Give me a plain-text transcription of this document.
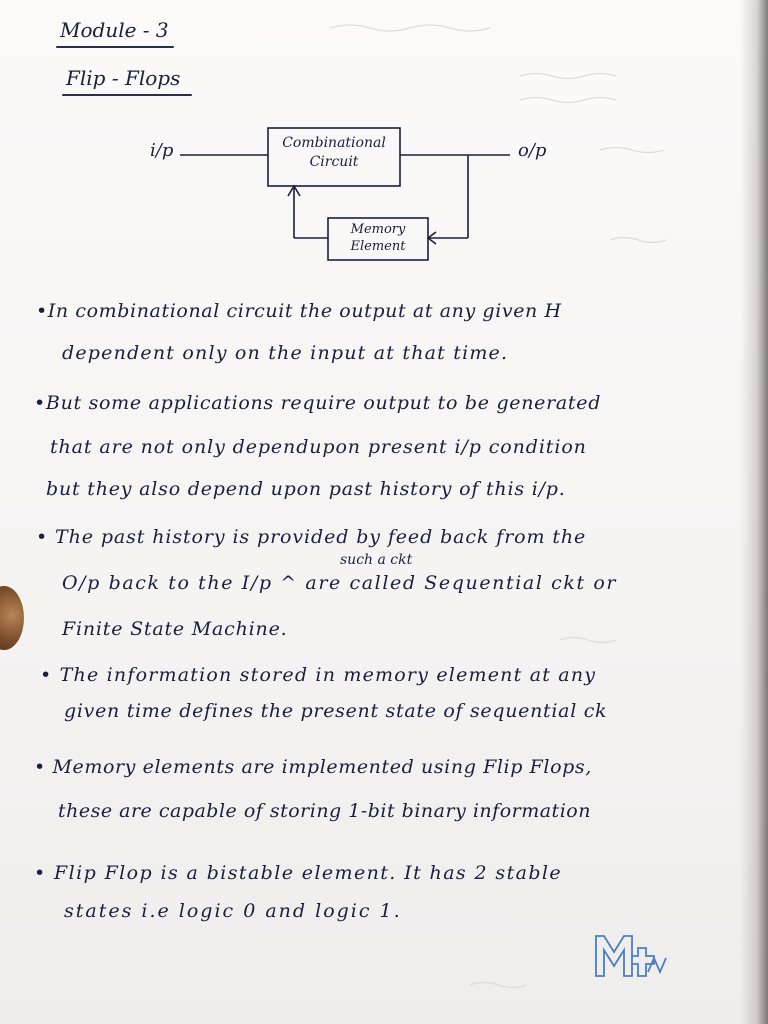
Module - 3
Flip - Flops
i/p	o/p
Combinational
Circuit
Memory
Element
•In combinational circuit the output at any given H
dependent only on the input at that time.
•But some applications require output to be generated
that are not only dependupon present i/p condition
but they also depend upon past history of this i/p.
• The past history is provided by feed back from the
such a ckt
O/p back to the I/p ^ are called Sequential ckt or
Finite State Machine.
• The information stored in memory element at any
given time defines the present state of sequential ck
• Memory elements are implemented using Flip Flops,
these are capable of storing 1-bit binary information
• Flip Flop is a bistable element. It has 2 stable
states i.e logic 0 and logic 1.
